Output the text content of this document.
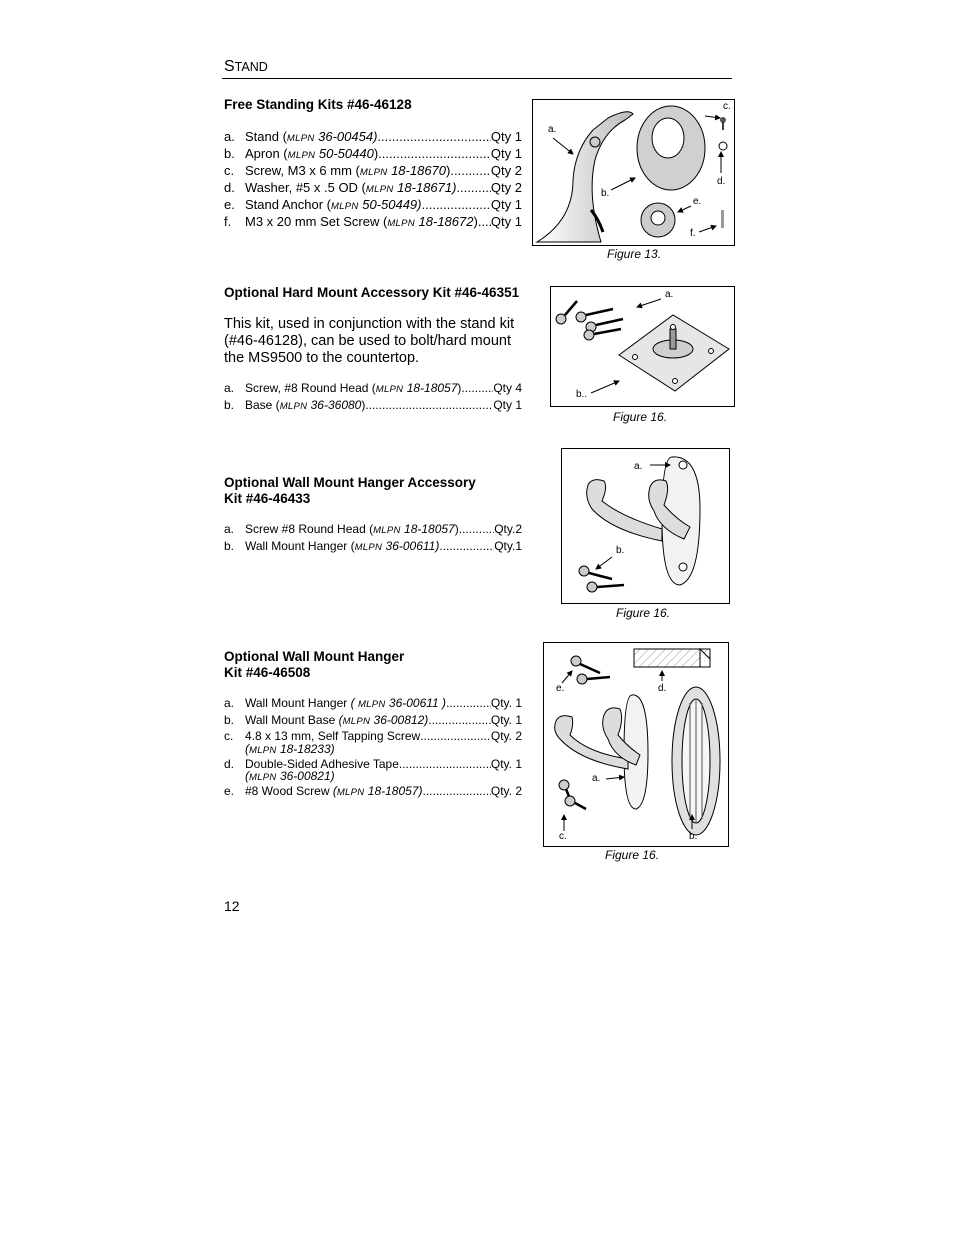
STAND
Free Standing Kits #46-46128
a. Stand (MLPN 36-00454) .....	Qty 1
b. Apron (MLPN 50-50440) .....	Qty 1
c. Screw, M3 x 6 mm (MLPN 18-18670) .....	Qty 2
d. Washer, #5 x .5 OD (MLPN 18-18671) .....	Qty 2
e. Stand Anchor (MLPN 50-50449) .....	Qty 1
f.	M3 x 20 mm Set Screw (MLPN 18-18672). ..... Qty 1
a.
b.
c.
d.
e.
f.
Figure 13.
Optional Hard Mount Accessory Kit #46-46351
This kit, used in conjunction with the stand kit (#46-46128), can be used to bolt/hard mount the MS9500 to the countertop.
a. Screw, #8 Round Head (MLPN 18-18057) .....	Qty 4
b. Base (MLPN 36-36080) .....	Qty 1
a.
b..
Figure 16.
Optional Wall Mount Hanger Accessory
Kit #46-46433
a. Screw #8 Round Head (MLPN 18-18057) .....	Qty.2
b. Wall Mount Hanger (MLPN 36-00611) .....	Qty.1
a.
b.
Figure 16.
Optional Wall Mount Hanger
Kit #46-46508
a. Wall Mount Hanger ( MLPN 36-00611 ) .....	Qty. 1
b. Wall Mount Base (MLPN 36-00812) .....	Qty. 1
c. 4.8 x 13 mm, Self Tapping Screw .....	Qty. 2
(MLPN 18-18233)
d. Double-Sided Adhesive Tape .....	Qty. 1
(MLPN 36-00821)
e. #8 Wood Screw (MLPN 18-18057) .....	Qty. 2
e.	d.
a.
c.	b.
Figure 16.
12
